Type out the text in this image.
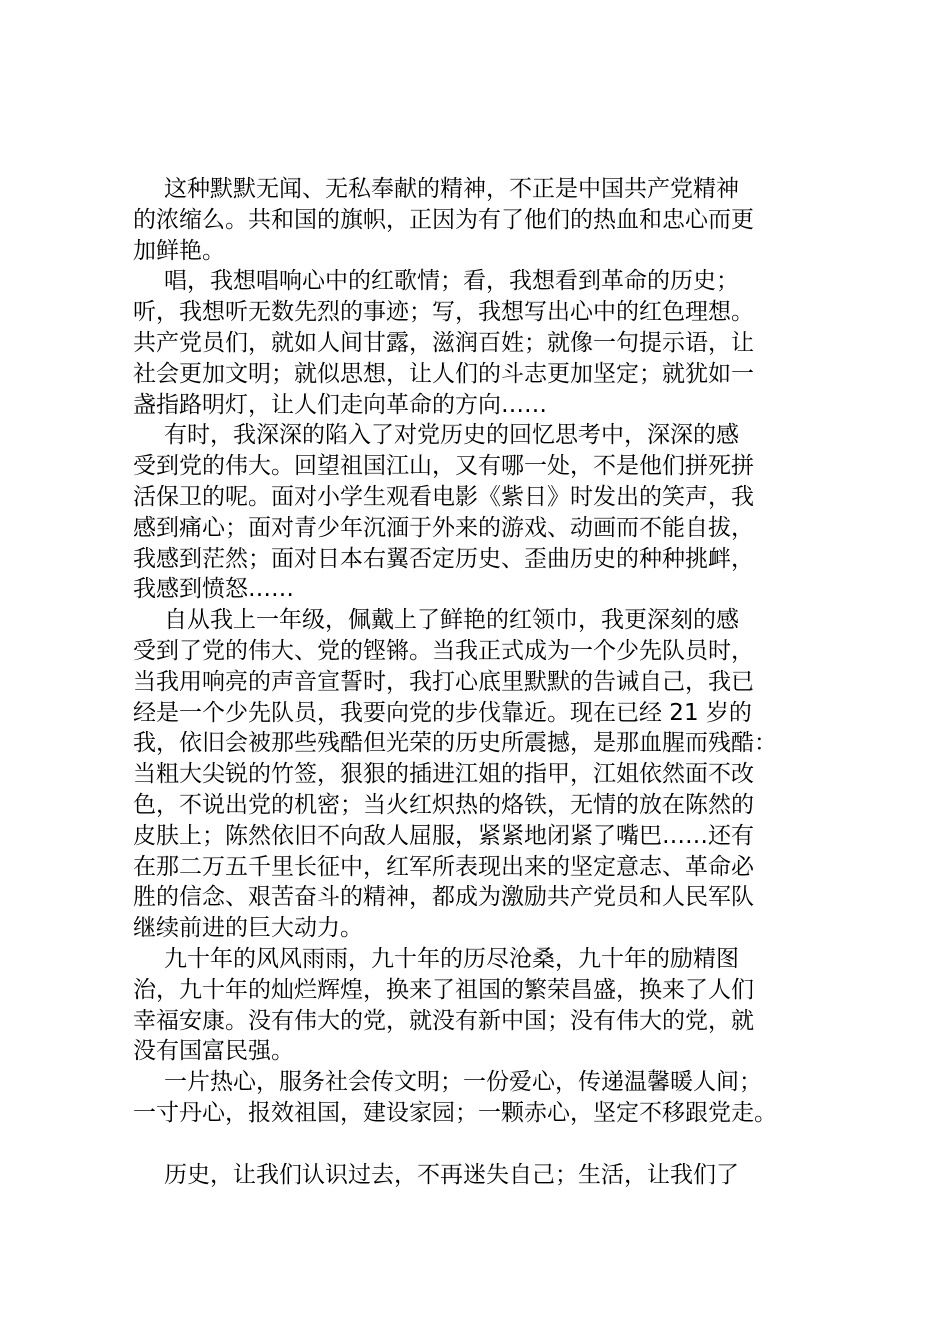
这种默默无闻、无私奉献的精神，不正是中国共产党精神
的浓缩么。共和国的旗帜，正因为有了他们的热血和忠心而更
加鲜艳。
唱，我想唱响心中的红歌情；看，我想看到革命的历史；
听，我想听无数先烈的事迹；写，我想写出心中的红色理想。
共产党员们，就如人间甘露，滋润百姓；就像一句提示语，让
社会更加文明；就似思想，让人们的斗志更加坚定；就犹如一
盏指路明灯，让人们走向革命的方向……
有时，我深深的陷入了对党历史的回忆思考中，深深的感
受到党的伟大。回望祖国江山，又有哪一处，不是他们拼死拼
活保卫的呢。面对小学生观看电影《紫日》时发出的笑声，我
感到痛心；面对青少年沉湎于外来的游戏、动画而不能自拔，
我感到茫然；面对日本右翼否定历史、歪曲历史的种种挑衅，
我感到愤怒……
自从我上一年级，佩戴上了鲜艳的红领巾，我更深刻的感
受到了党的伟大、党的铿锵。当我正式成为一个少先队员时，
当我用响亮的声音宣誓时，我打心底里默默的告诫自己，我已
经是一个少先队员，我要向党的步伐靠近。现在已经 21 岁的
我，依旧会被那些残酷但光荣的历史所震撼，是那血腥而残酷：
当粗大尖锐的竹签，狠狠的插进江姐的指甲，江姐依然面不改
色，不说出党的机密；当火红炽热的烙铁，无情的放在陈然的
皮肤上；陈然依旧不向敌人屈服，紧紧地闭紧了嘴巴……还有
在那二万五千里长征中，红军所表现出来的坚定意志、革命必
胜的信念、艰苦奋斗的精神，都成为激励共产党员和人民军队
继续前进的巨大动力。
九十年的风风雨雨，九十年的历尽沧桑，九十年的励精图
治，九十年的灿烂辉煌，换来了祖国的繁荣昌盛，换来了人们
幸福安康。没有伟大的党，就没有新中国；没有伟大的党，就
没有国富民强。
一片热心，服务社会传文明；一份爱心，传递温馨暖人间；
一寸丹心，报效祖国，建设家园；一颗赤心，坚定不移跟党走。
历史，让我们认识过去，不再迷失自己；生活，让我们了
